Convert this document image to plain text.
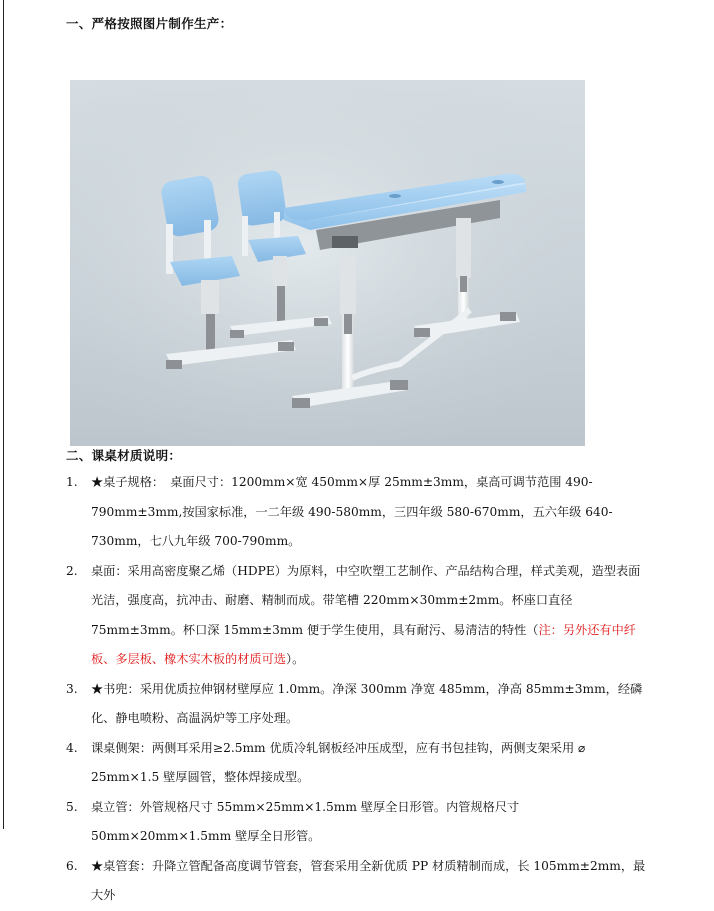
一、严格按照图片制作生产：
二、课桌材质说明：
1. ★桌子规格：　桌面尺寸：1200mm×宽 450mm×厚 25mm±3mm，桌高可调节范围 490-790mm±3mm,按国家标准，一二年级 490-580mm，三四年级 580-670mm，五六年级 640-730mm，七八九年级 700-790mm。
2. 桌面：采用高密度聚乙烯（HDPE）为原料，中空吹塑工艺制作、产品结构合理，样式美观，造型表面光洁，强度高，抗冲击、耐磨、精制而成。带笔槽 220mm×30mm±2mm。杯座口直径 75mm±3mm。杯口深 15mm±3mm 便于学生使用，具有耐污、易清洁的特性（注：另外还有中纤板、多层板、橡木实木板的材质可选）。
3. ★书兜：采用优质拉伸钢材壁厚应 1.0mm。净深 300mm 净宽 485mm，净高 85mm±3mm，经磷化、静电喷粉、高温涡炉等工序处理。
4. 课桌侧架：两侧耳采用≥2.5mm 优质冷轧钢板经冲压成型，应有书包挂钩，两侧支架采用 ⌀ 25mm×1.5 壁厚圆管，整体焊接成型。
5. 桌立管：外管规格尺寸 55mm×25mm×1.5mm 壁厚全日形管。内管规格尺寸 50mm×20mm×1.5mm 壁厚全日形管。
6. ★桌管套：升降立管配备高度调节管套，管套采用全新优质 PP 材质精制而成，长 105mm±2mm，最大外
